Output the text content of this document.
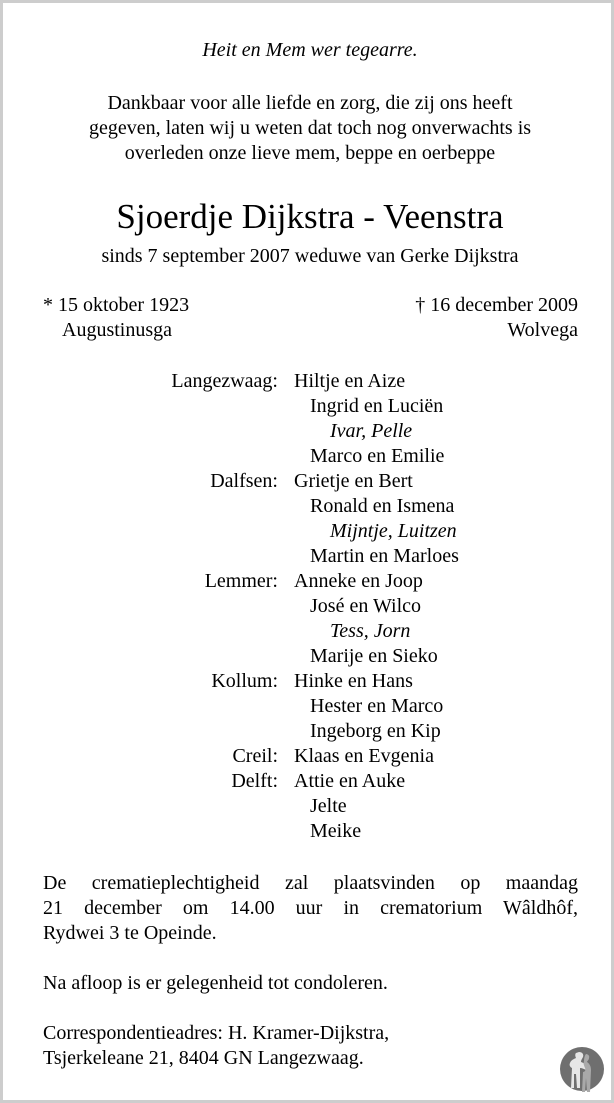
Heit en Mem wer tegearre.
Dankbaar voor alle liefde en zorg, die zij ons heeft
gegeven, laten wij u weten dat toch nog onverwachts is
overleden onze lieve mem, beppe en oerbeppe
Sjoerdje Dijkstra - Veenstra
sinds 7 september 2007 weduwe van Gerke Dijkstra
* 15 oktober 1923
Augustinusga
† 16 december 2009
Wolvega
Langezwaag: Hiltje en Aize
Ingrid en Luciën
Ivar, Pelle
Marco en Emilie
Dalfsen: Grietje en Bert
Ronald en Ismena
Mijntje, Luitzen
Martin en Marloes
Lemmer: Anneke en Joop
José en Wilco
Tess, Jorn
Marije en Sieko
Kollum: Hinke en Hans
Hester en Marco
Ingeborg en Kip
Creil: Klaas en Evgenia
Delft: Attie en Auke
Jelte
Meike
De crematieplechtigheid zal plaatsvinden op maandag
21 december om 14.00 uur in crematorium Wâldhôf,
Rydwei 3 te Opeinde.
Na afloop is er gelegenheid tot condoleren.
Correspondentieadres: H. Kramer-Dijkstra,
Tsjerkeleane 21, 8404 GN Langezwaag.
